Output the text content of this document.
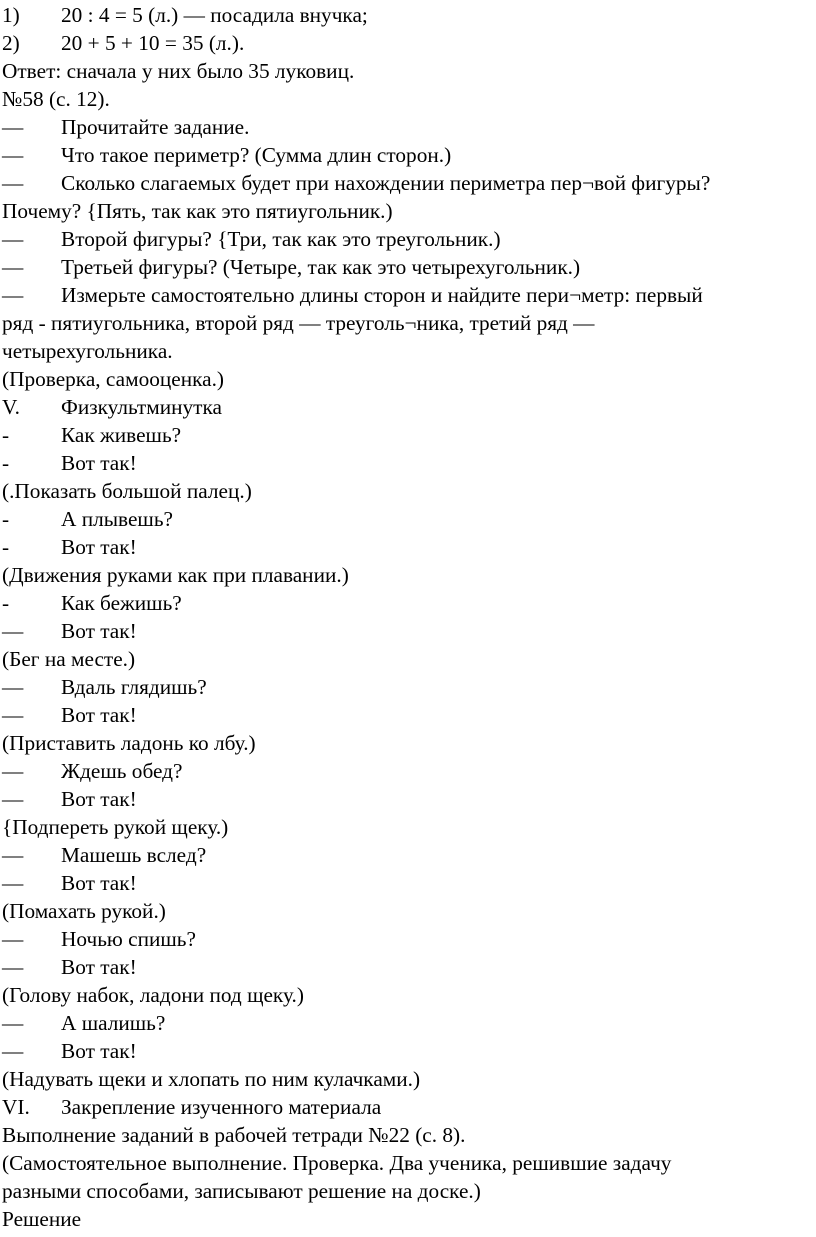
1) 20 : 4 = 5 (л.) — посадила внучка;
2) 20 + 5 + 10 = 35 (л.).
Ответ: сначала у них было 35 луковиц.
№58 (с. 12).
— Прочитайте задание.
— Что такое периметр? (Сумма длин сторон.)
— Сколько слагаемых будет при нахождении периметра пер¬вой фигуры?
Почему? {Пять, так как это пятиугольник.)
— Второй фигуры? {Три, так как это треугольник.)
— Третьей фигуры? (Четыре, так как это четырехугольник.)
— Измерьте самостоятельно длины сторон и найдите пери¬метр: первый
ряд - пятиугольника, второй ряд — треуголь¬ника, третий ряд —
четырехугольника.
(Проверка, самооценка.)
V. Физкультминутка
- Как живешь?
- Вот так!
(.Показать большой палец.)
- А плывешь?
- Вот так!
(Движения руками как при плавании.)
- Как бежишь?
— Вот так!
(Бег на месте.)
— Вдаль глядишь?
— Вот так!
(Приставить ладонь ко лбу.)
— Ждешь обед?
— Вот так!
{Подпереть рукой щеку.)
— Машешь вслед?
— Вот так!
(Помахать рукой.)
— Ночью спишь?
— Вот так!
(Голову набок, ладони под щеку.)
— А шалишь?
— Вот так!
(Надувать щеки и хлопать по ним кулачками.)
VI. Закрепление изученного материала
Выполнение заданий в рабочей тетради №22 (с. 8).
(Самостоятельное выполнение. Проверка. Два ученика, решившие задачу
разными способами, записывают решение на доске.)
Решение
